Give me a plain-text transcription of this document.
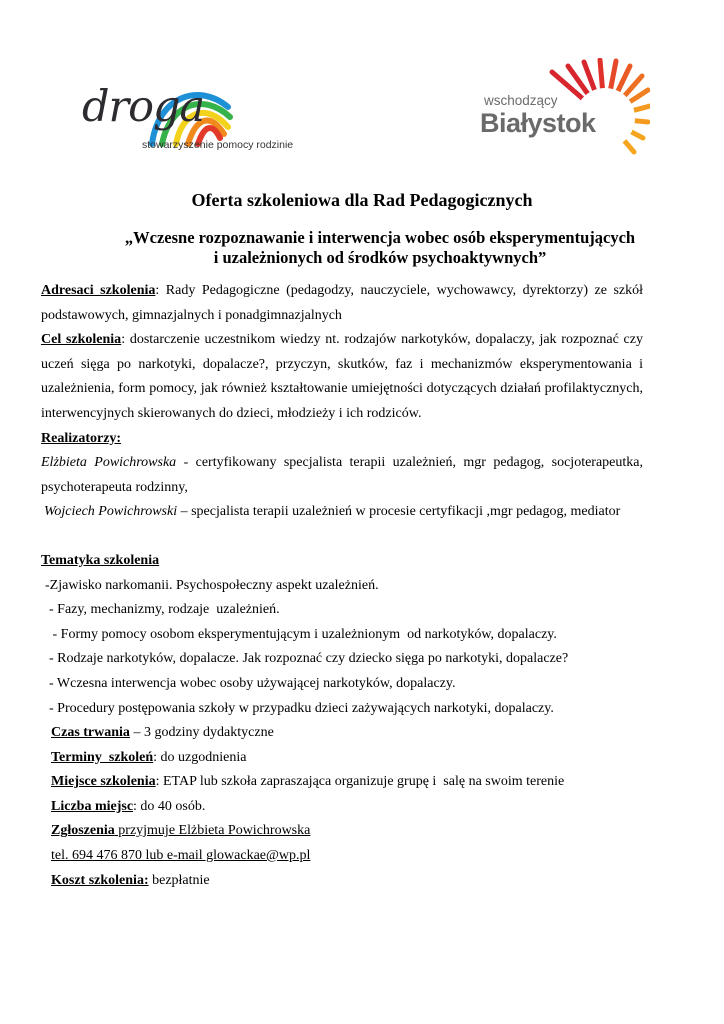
droga
stowarzyszenie pomocy rodzinie
wschodzący
Białystok
Oferta szkoleniowa dla Rad Pedagogicznych
„Wczesne rozpoznawanie i interwencja wobec osób eksperymentujących
i uzależnionych od środków psychoaktywnych”

Adresaci szkolenia: Rady Pedagogiczne (pedagodzy, nauczyciele, wychowawcy, dyrektorzy) ze szkół podstawowych, gimnazjalnych i ponadgimnazjalnych

Cel szkolenia: dostarczenie uczestnikom wiedzy nt. rodzajów narkotyków, dopalaczy, jak rozpoznać czy uczeń sięga po narkotyki, dopalacze?, przyczyn, skutków, faz i mechanizmów eksperymentowania i uzależnienia, form pomocy, jak również kształtowanie umiejętności dotyczących działań profilaktycznych, interwencyjnych skierowanych do dzieci, młodzieży i ich rodziców.

Realizatorzy:

Elżbieta Powichrowska - certyfikowany specjalista terapii uzależnień, mgr pedagog, socjoterapeutka, psychoterapeuta rodzinny,

Wojciech Powichrowski – specjalista terapii uzależnień w procesie certyfikacji ,mgr pedagog, mediator

Tematyka szkolenia

-Zjawisko narkomanii. Psychospołeczny aspekt uzależnień.

- Fazy, mechanizmy, rodzaje  uzależnień.

- Formy pomocy osobom eksperymentującym i uzależnionym  od narkotyków, dopalaczy.

- Rodzaje narkotyków, dopalacze. Jak rozpoznać czy dziecko sięga po narkotyki, dopalacze?

- Wczesna interwencja wobec osoby używającej narkotyków, dopalaczy.

- Procedury postępowania szkoły w przypadku dzieci zażywających narkotyki, dopalaczy.

Czas trwania – 3 godziny dydaktyczne

Terminy  szkoleń: do uzgodnienia

Miejsce szkolenia: ETAP lub szkoła zapraszająca organizuje grupę i  salę na swoim terenie

Liczba miejsc: do 40 osób.

Zgłoszenia przyjmuje Elżbieta Powichrowska

tel. 694 476 870 lub e-mail glowackae@wp.pl

Koszt szkolenia: bezpłatnie
